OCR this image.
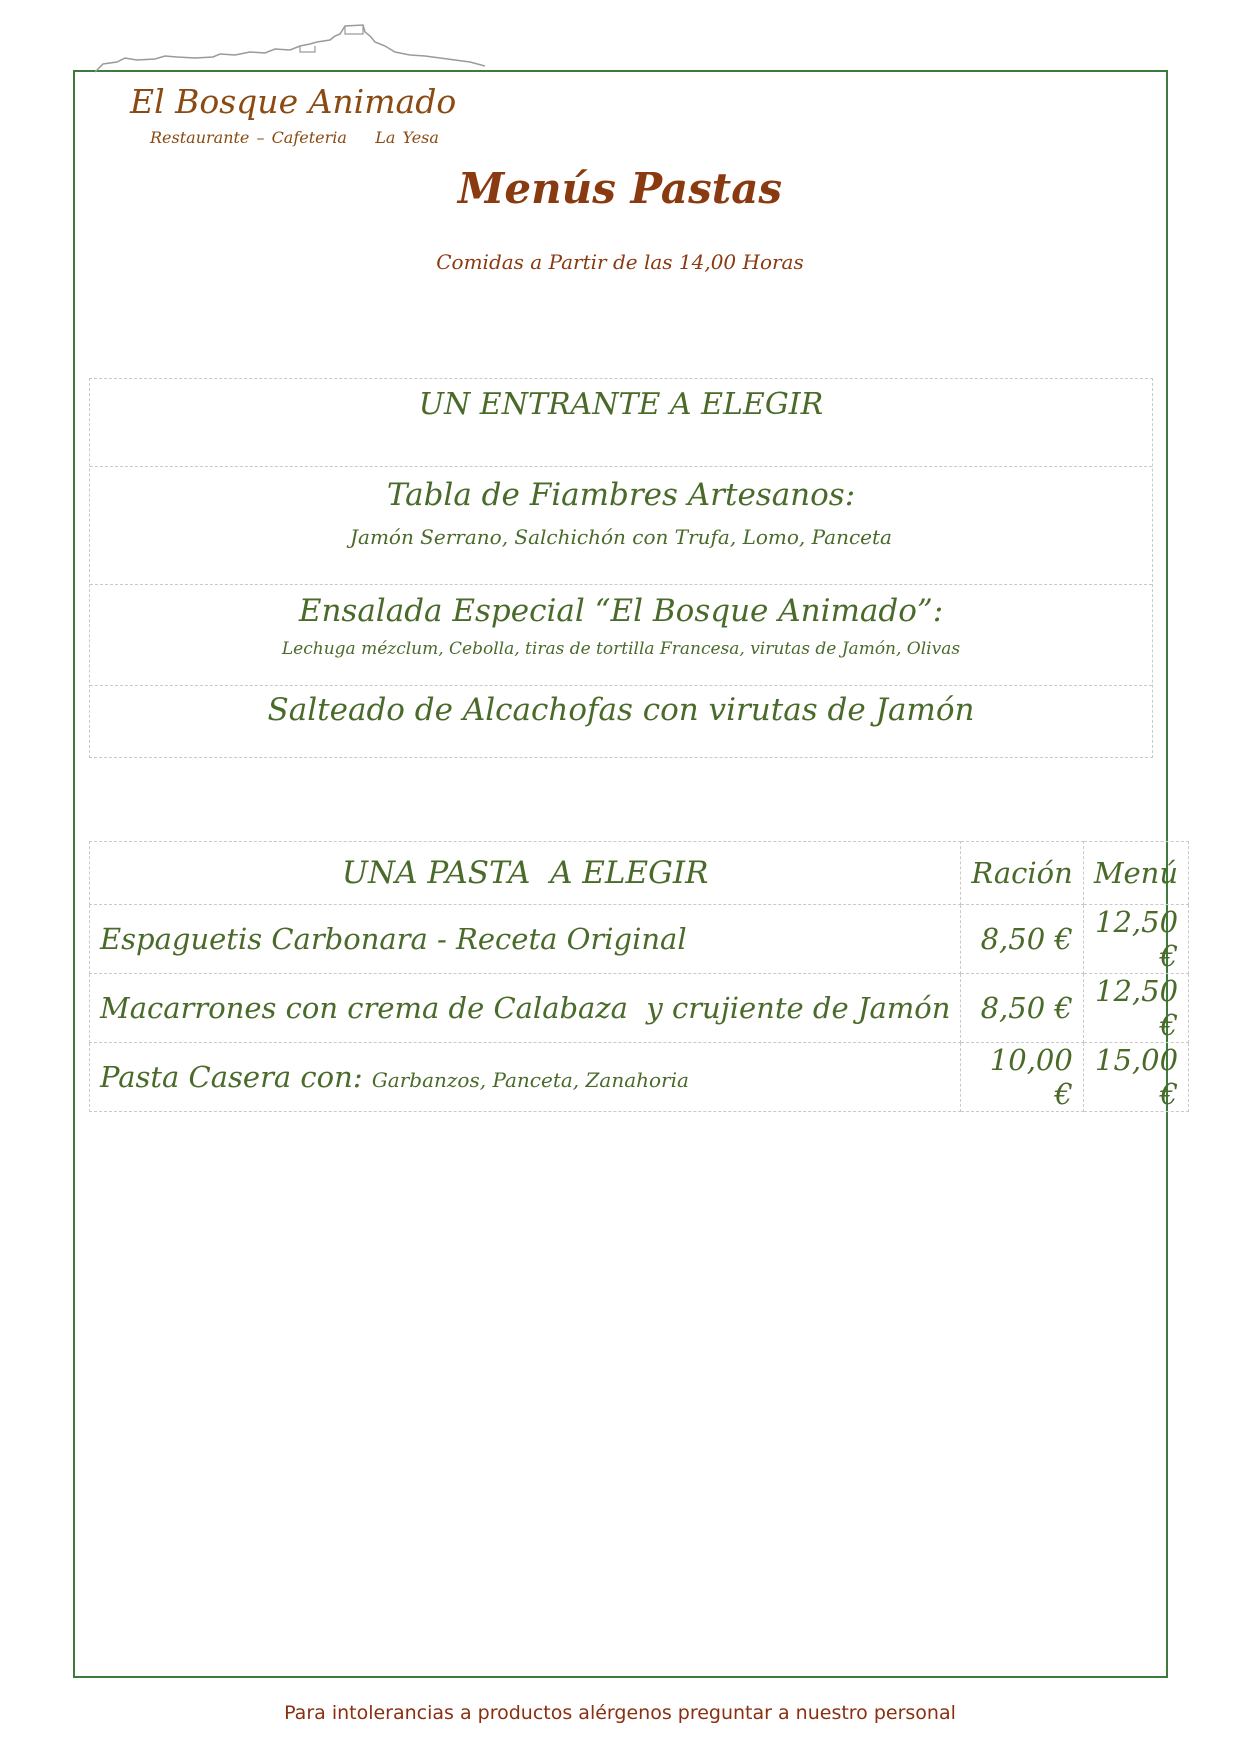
El Bosque Animado
Restaurante – Cafeteria    La Yesa
Menús Pastas
Comidas a Partir de las 14,00 Horas
UN ENTRANTE A ELEGIR
Tabla de Fiambres Artesanos:
Jamón Serrano, Salchichón con Trufa, Lomo, Panceta
Ensalada Especial “El Bosque Animado”:
Lechuga mézclum, Cebolla, tiras de tortilla Francesa, virutas de Jamón, Olivas
Salteado de Alcachofas con virutas de Jamón
UNA PASTA  A ELEGIR	Ración	Menú
Espaguetis Carbonara - Receta Original	8,50 €	12,50 €
Macarrones con crema de Calabaza  y crujiente de Jamón	8,50 €	12,50 €
Pasta Casera con: Garbanzos, Panceta, Zanahoria	10,00 €	15,00 €
Para intolerancias a productos alérgenos preguntar a nuestro personal
